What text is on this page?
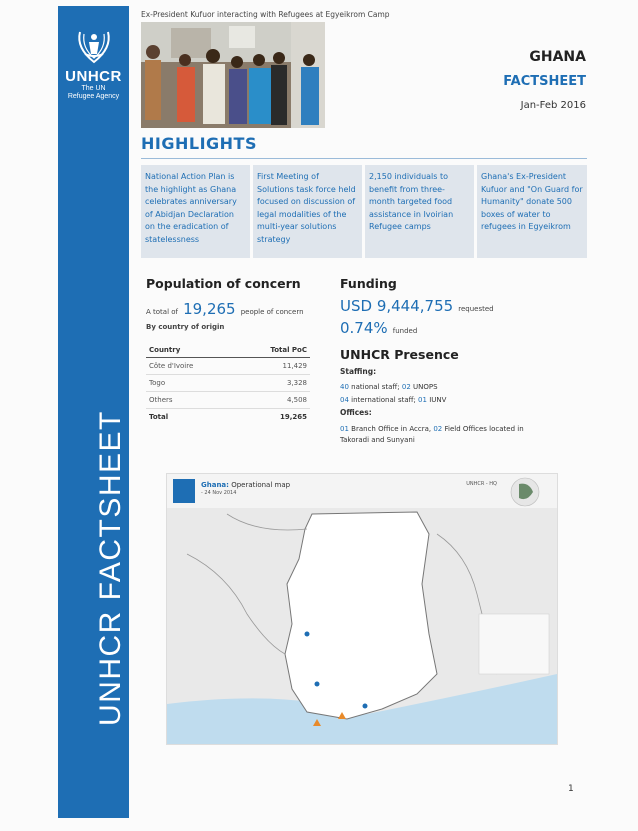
UNHCR
The UN
Refugee Agency
UNHCR FACTSHEET
Ex-President Kufuor interacting with Refugees at Egyeikrom Camp
GHANA
FACTSHEET
Jan-Feb 2016
HIGHLIGHTS
National Action Plan is the highlight as Ghana celebrates anniversary of Abidjan Declaration on the eradication of statelessness
First Meeting of Solutions task force held focused on discussion of legal modalities of the multi-year solutions strategy
2,150 individuals to benefit from three-month targeted food assistance in Ivoirian Refugee camps
Ghana's Ex-President Kufuor and "On Guard for Humanity" donate 500 boxes of water to refugees in Egyeikrom
Population of concern
A total of 19,265 people of concern
By country of origin
Country	Total PoC
Côte d'Ivoire	11,429
Togo	3,328
Others	4,508
Total	19,265
Funding
USD 9,444,755 requested
0.74% funded
UNHCR Presence
Staffing:
40 national staff; 02 UNOPS
04 international staff; 01 IUNV
Offices:
01 Branch Office in Accra, 02 Field Offices located in Takoradi and Sunyani
Ghana: Operational map
- 24 Nov 2014
UNHCR - HQ
1
